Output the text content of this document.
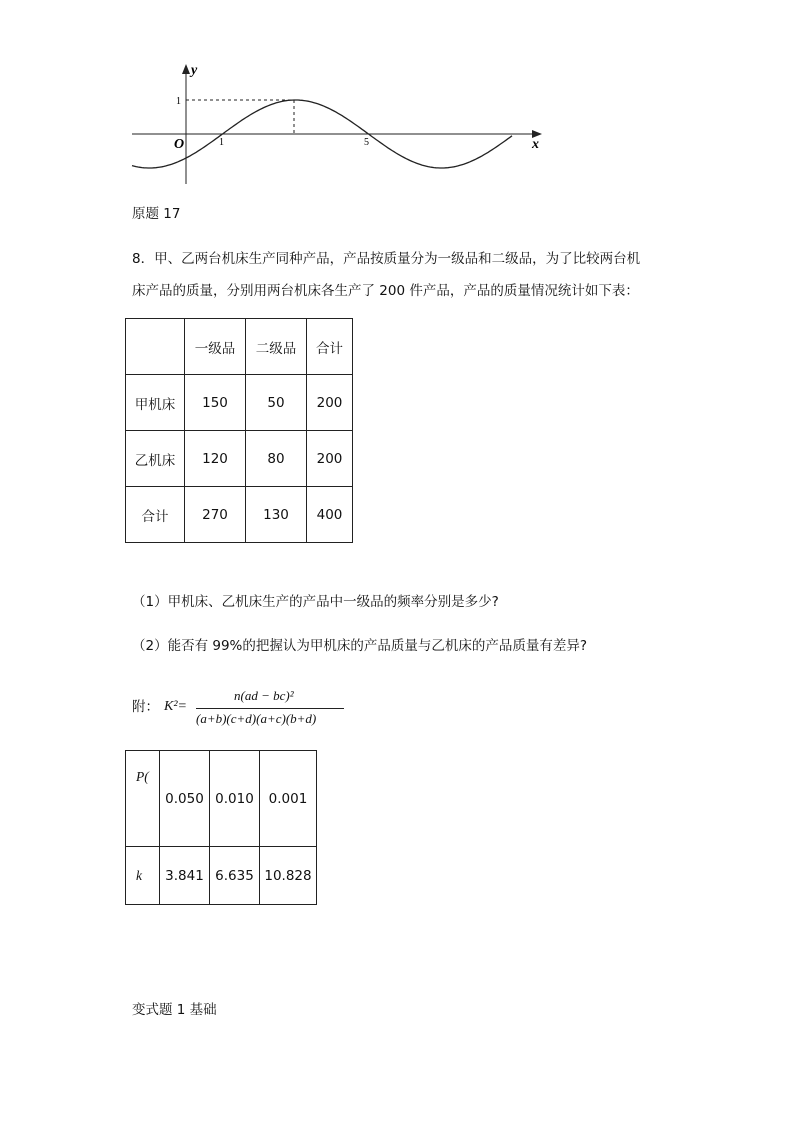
y
x
O
1
1	5
原题 17
8．甲、乙两台机床生产同种产品，产品按质量分为一级品和二级品，为了比较两台机
床产品的质量，分别用两台机床各生产了 200 件产品，产品的质量情况统计如下表：
	一级品	二级品	合计
甲机床	150	50	200
乙机床	120	80	200
合计	270	130	400
（1）甲机床、乙机床生产的产品中一级品的频率分别是多少?
（2）能否有 99%的把握认为甲机床的产品质量与乙机床的产品质量有差异?
附： K²=
n(ad − bc)²
(a+b)(c+d)(a+c)(b+d)
P(	0.050	0.010	0.001
k	3.841	6.635	10.828
变式题 1 基础
